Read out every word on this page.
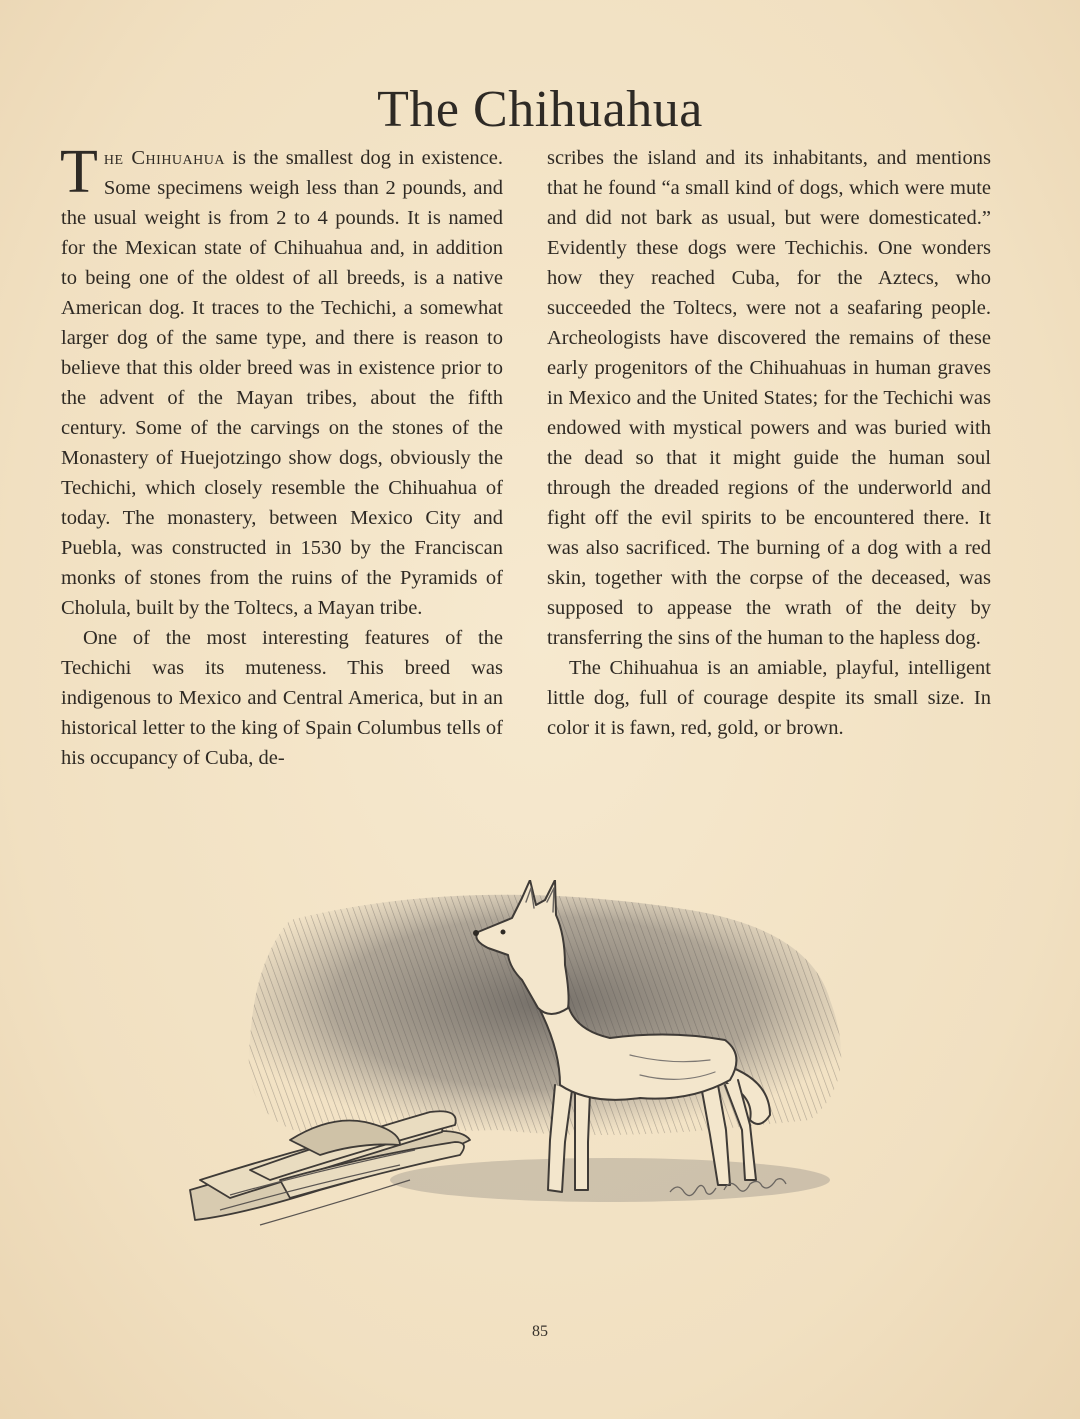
The Chihuahua

The Chihuahua is the smallest dog in existence. Some specimens weigh less than 2 pounds, and the usual weight is from 2 to 4 pounds. It is named for the Mexican state of Chihuahua and, in addition to being one of the oldest of all breeds, is a native American dog. It traces to the Techichi, a somewhat larger dog of the same type, and there is reason to believe that this older breed was in existence prior to the advent of the Mayan tribes, about the fifth century. Some of the carvings on the stones of the Monastery of Huejotzingo show dogs, obviously the Techichi, which closely resemble the Chihuahua of today. The monastery, between Mexico City and Puebla, was constructed in 1530 by the Franciscan monks of stones from the ruins of the Pyramids of Cholula, built by the Toltecs, a Mayan tribe.

One of the most interesting features of the Techichi was its muteness. This breed was indigenous to Mexico and Central America, but in an historical letter to the king of Spain Columbus tells of his occupancy of Cuba, de-

scribes the island and its inhabitants, and mentions that he found “a small kind of dogs, which were mute and did not bark as usual, but were domesticated.” Evidently these dogs were Techichis. One wonders how they reached Cuba, for the Aztecs, who succeeded the Toltecs, were not a seafaring people. Archeologists have discovered the remains of these early progenitors of the Chihuahuas in human graves in Mexico and the United States; for the Techichi was endowed with mystical powers and was buried with the dead so that it might guide the human soul through the dreaded regions of the underworld and fight off the evil spirits to be encountered there. It was also sacrificed. The burning of a dog with a red skin, together with the corpse of the deceased, was supposed to appease the wrath of the deity by transferring the sins of the human to the hapless dog.

The Chihuahua is an amiable, playful, intelligent little dog, full of courage despite its small size. In color it is fawn, red, gold, or brown.

85
